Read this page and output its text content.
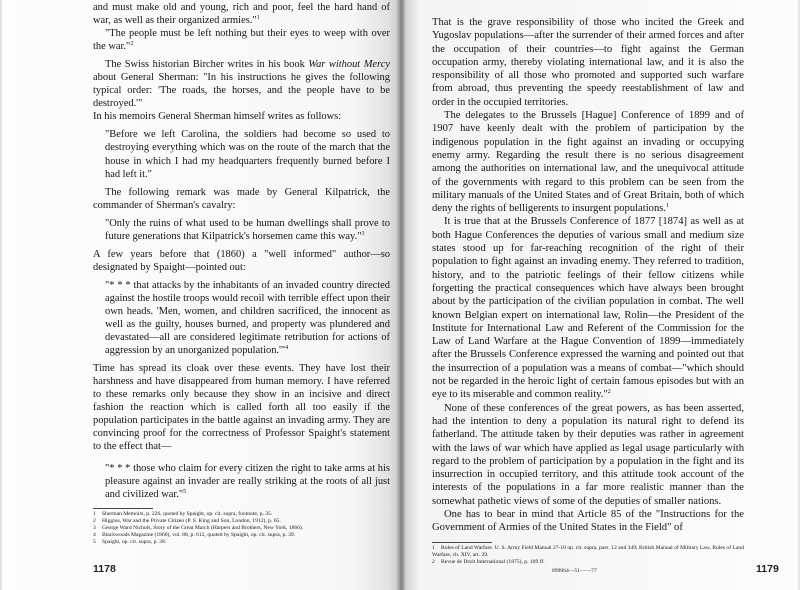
and must make old and young, rich and poor, feel the hard hand of war, as well as their organized armies."$^1$

"The people must be left nothing but their eyes to weep with over the war."$^2$

The Swiss historian Bircher writes in his book War without Mercy about General Sherman: "In his instructions he gives the following typical order: 'The roads, the horses, and the people have to be destroyed.'"

In his memoirs General Sherman himself writes as follows:

"Before we left Carolina, the soldiers had become so used to destroying everything which was on the route of the march that the house in which I had my headquarters frequently burned before I had left it."

The following remark was made by General Kilpatrick, the commander of Sherman's cavalry:

"Only the ruins of what used to be human dwellings shall prove to future generations that Kilpatrick's horsemen came this way."$^3$

A few years before that (1860) a "well informed" author—so designated by Spaight—pointed out:

"* * * that attacks by the inhabitants of an invaded country directed against the hostile troops would recoil with terrible effect upon their own heads. 'Men, women, and children sacrificed, the innocent as well as the guilty, houses burned, and property was plundered and devastated—all are considered legitimate retribution for actions of aggression by an unorganized population.'"$^4$

Time has spread its cloak over these events. They have lost their harshness and have disappeared from human memory. I have referred to these remarks only because they show in an incisive and direct fashion the reaction which is called forth all too easily if the population participates in the battle against an invading army. They are convincing proof for the correctness of Professor Spaight's statement to the effect that—

"* * * those who claim for every citizen the right to take arms at his pleasure against an invader are really striking at the roots of all just and civilized war."$^5$

1 Sherman Memoirs, p. 226, quoted by Spaight, op. cit. supra, footnote, p. 35.
2 Higgins, War and the Private Citizen (P. S. King and Son, London, 1912), p. 65.
3 George Ward Nichols, Story of the Great March (Harpers and Brothers, New York, 1866).
4 Blackwoods Magazine (1860), vol. 88, p. 612, quoted by Spaight, op. cit. supra, p. 39.
5 Spaight, op. cit. supra, p. 38.
1178

That is the grave responsibility of those who incited the Greek and Yugoslav populations—after the surrender of their armed forces and after the occupation of their countries—to fight against the German occupation army, thereby violating international law, and it is also the responsibility of all those who promoted and supported such warfare from abroad, thus preventing the speedy reestablishment of law and order in the occupied territories.

The delegates to the Brussels [Hague] Conference of 1899 and of 1907 have keenly dealt with the problem of participation by the indigenous population in the fight against an invading or occupying enemy army. Regarding the result there is no serious disagreement among the authorities on international law, and the unequivocal attitude of the governments with regard to this problem can be seen from the military manuals of the United States and of Great Britain, both of which deny the rights of belligerents to insurgent populations.$^1$

It is true that at the Brussels Conference of 1877 [1874] as well as at both Hague Conferences the deputies of various small and medium size states stood up for far-reaching recognition of the right of their population to fight against an invading enemy. They referred to tradition, history, and to the patriotic feelings of their fellow citizens while forgetting the practical consequences which have always been brought about by the participation of the civilian population in combat. The well known Belgian expert on international law, Rolin—the President of the Institute for International Law and Referent of the Commission for the Law of Land Warfare at the Hague Convention of 1899—immediately after the Brussels Conference expressed the warning and pointed out that the insurrection of a population was a means of combat—"which should not be regarded in the heroic light of certain famous episodes but with an eye to its miserable and common reality."$^2$

None of these conferences of the great powers, as has been asserted, had the intention to deny a population its natural right to defend its fatherland. The attitude taken by their deputies was rather in agreement with the laws of war which have applied as legal usage particularly with regard to the problem of participation by a population in the fight and its insurrection in occupied territory, and this attitude took account of the interests of the populations in a far more realistic manner than the somewhat pathetic views of some of the deputies of smaller nations.

One has to bear in mind that Article 85 of the "Instructions for the Government of Armies of the United States in the Field" of

1 Rules of Land Warfare. U. S. Army Field Manual 27-10 op. cit. supra, pars. 12 and 349; British Manual of Military Law, Rules of Land Warfare, ch. XIV, art. 29.
2 Revue de Droit International (1875), p. 109 ff.
899964—51——77	1179
